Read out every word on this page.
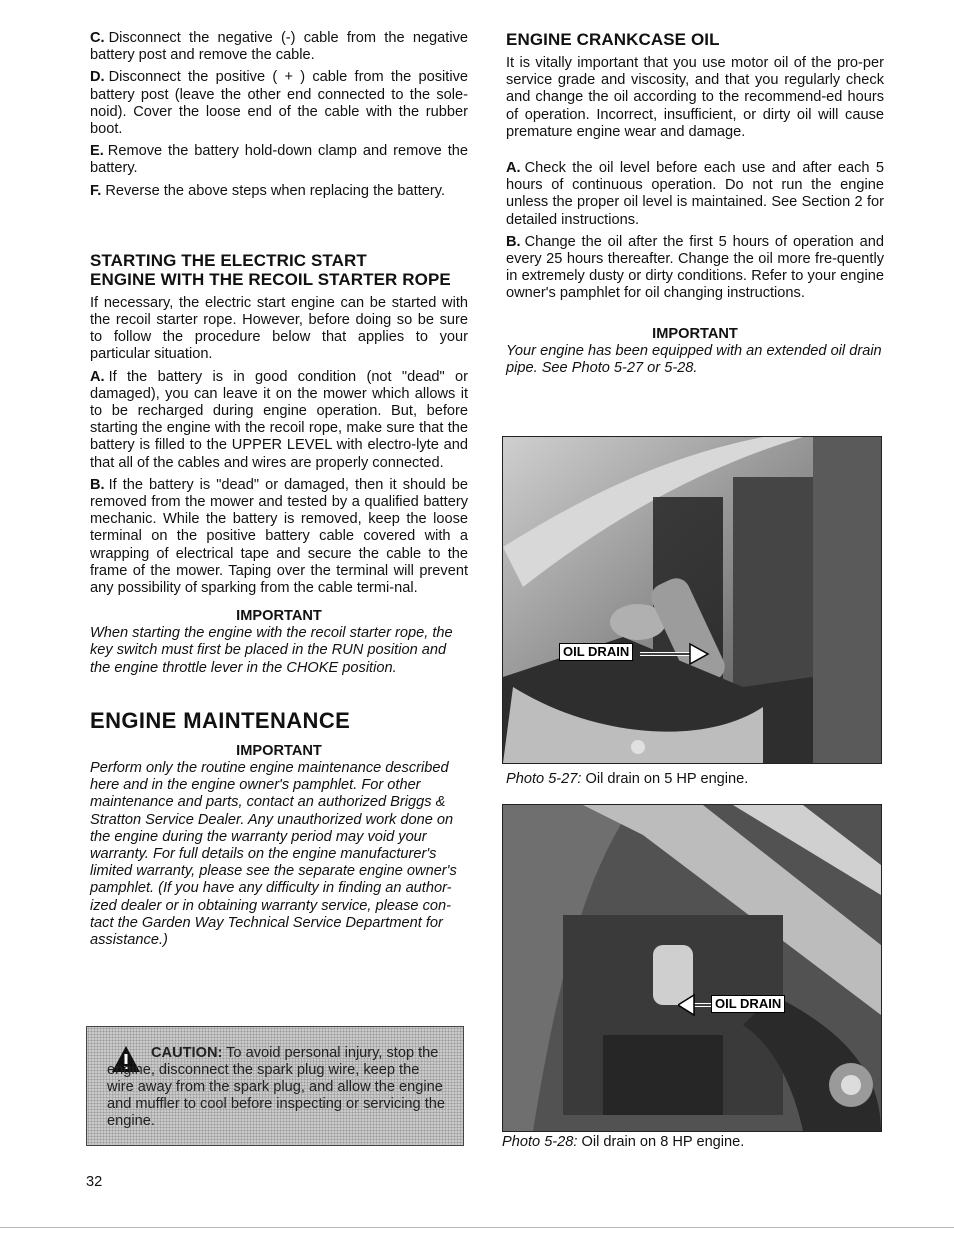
C. Disconnect the negative (-) cable from the negative battery post and remove the cable.

D. Disconnect the positive ( + ) cable from the positive battery post (leave the other end connected to the sole-noid). Cover the loose end of the cable with the rubber boot.

E. Remove the battery hold-down clamp and remove the battery.

F. Reverse the above steps when replacing the battery.

STARTING THE ELECTRIC START
ENGINE WITH THE RECOIL STARTER ROPE

If necessary, the electric start engine can be started with the recoil starter rope. However, before doing so be sure to follow the procedure below that applies to your particular situation.

A. If the battery is in good condition (not "dead" or damaged), you can leave it on the mower which allows it to be recharged during engine operation. But, before starting the engine with the recoil rope, make sure that the battery is filled to the UPPER LEVEL with electro-lyte and that all of the cables and wires are properly connected.

B. If the battery is "dead" or damaged, then it should be removed from the mower and tested by a qualified battery mechanic. While the battery is removed, keep the loose terminal on the positive battery cable covered with a wrapping of electrical tape and secure the cable to the frame of the mower. Taping over the terminal will prevent any possibility of sparking from the cable termi-nal.

IMPORTANT

When starting the engine with the recoil starter rope, the key switch must first be placed in the RUN position and the engine throttle lever in the CHOKE position.

ENGINE MAINTENANCE
IMPORTANT

Perform only the routine engine maintenance described here and in the engine owner's pamphlet. For other maintenance and parts, contact an authorized Briggs & Stratton Service Dealer. Any unauthorized work done on the engine during the warranty period may void your warranty. For full details on the engine manufacturer's limited warranty, please see the separate engine owner's pamphlet. (If you have any difficulty in finding an author-ized dealer or in obtaining warranty service, please con-tact the Garden Way Technical Service Department for assistance.)

CAUTION: To avoid personal injury, stop the engine, disconnect the spark plug wire, keep the wire away from the spark plug, and allow the engine and muffler to cool before inspecting or servicing the engine.
ENGINE CRANKCASE OIL

It is vitally important that you use motor oil of the pro-per service grade and viscosity, and that you regularly check and change the oil according to the recommend-ed hours of operation. Incorrect, insufficient, or dirty oil will cause premature engine wear and damage.

A. Check the oil level before each use and after each 5 hours of continuous operation. Do not run the engine unless the proper oil level is maintained. See Section 2 for detailed instructions.

B. Change the oil after the first 5 hours of operation and every 25 hours thereafter. Change the oil more fre-quently in extremely dusty or dirty conditions. Refer to your engine owner's pamphlet for oil changing instructions.

IMPORTANT

Your engine has been equipped with an extended oil drain pipe. See Photo 5-27 or 5-28.

OIL DRAIN
Photo 5-27: Oil drain on 5 HP engine.
OIL DRAIN
Photo 5-28: Oil drain on 8 HP engine.
32
